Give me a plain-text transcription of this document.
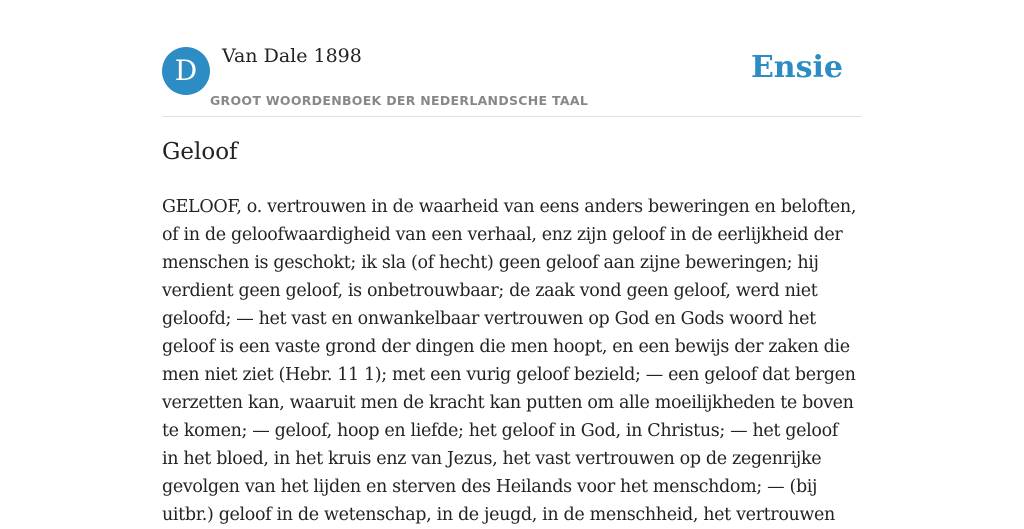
D	Van Dale 1898
GROOT WOORDENBOEK DER NEDERLANDSCHE TAAL
Ensie
Geloof
GELOOF, o. vertrouwen in de waarheid van eens anders beweringen en beloften,
of in de geloofwaardigheid van een verhaal, enz zijn geloof in de eerlijkheid der
menschen is geschokt; ik sla (of hecht) geen geloof aan zijne beweringen; hij
verdient geen geloof, is onbetrouwbaar; de zaak vond geen geloof, werd niet
geloofd; — het vast en onwankelbaar vertrouwen op God en Gods woord het
geloof is een vaste grond der dingen die men hoopt, en een bewijs der zaken die
men niet ziet (Hebr. 11 1); met een vurig geloof bezield; — een geloof dat bergen
verzetten kan, waaruit men de kracht kan putten om alle moeilijkheden te boven
te komen; — geloof, hoop en liefde; het geloof in God, in Christus; — het geloof
in het bloed, in het kruis enz van Jezus, het vast vertrouwen op de zegenrijke
gevolgen van het lijden en sterven des Heilands voor het menschdom; — (bij
uitbr.) geloof in de wetenschap, in de jeugd, in de menschheid, het vertrouwen
